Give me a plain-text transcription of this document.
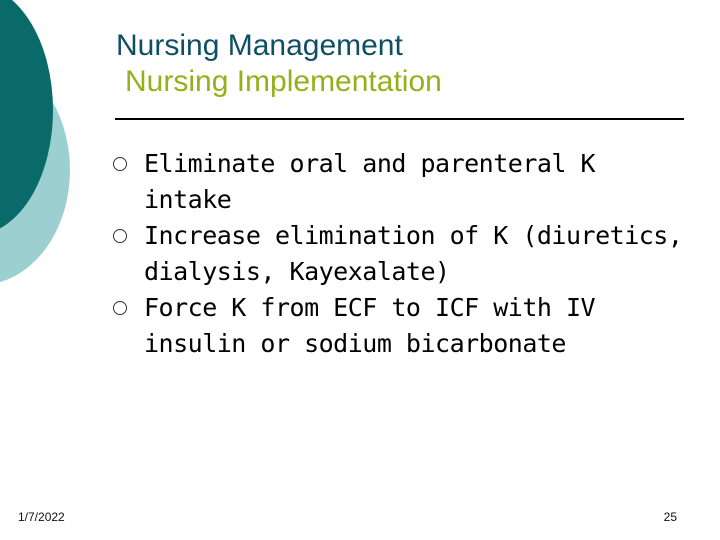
Nursing Management
Nursing Implementation
Eliminate oral and parenteral K intake
Increase elimination of K (diuretics, dialysis, Kayexalate)
Force K from ECF to ICF with IV insulin or sodium bicarbonate
1/7/2022	25
